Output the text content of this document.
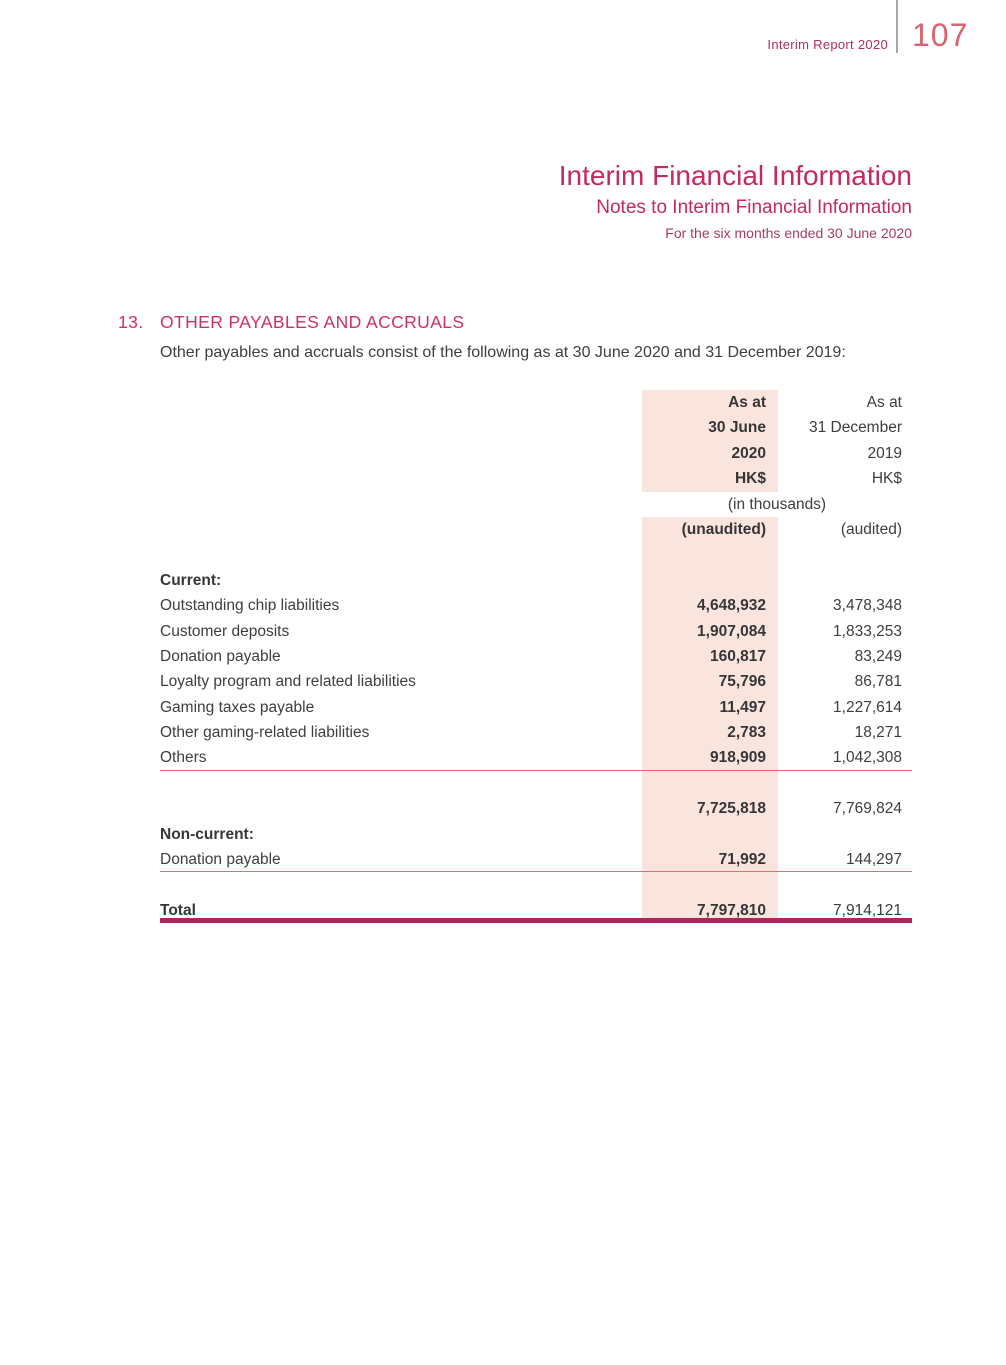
Interim Report 2020 107
Interim Financial Information
Notes to Interim Financial Information
For the six months ended 30 June 2020
13. OTHER PAYABLES AND ACCRUALS
Other payables and accruals consist of the following as at 30 June 2020 and 31 December 2019:
As at	As at
30 June	31 December
2020	2019
HK$	HK$
(in thousands)
(unaudited)	(audited)
Current:
Outstanding chip liabilities	4,648,932	3,478,348
Customer deposits	1,907,084	1,833,253
Donation payable	160,817	83,249
Loyalty program and related liabilities	75,796	86,781
Gaming taxes payable	11,497	1,227,614
Other gaming-related liabilities	2,783	18,271
Others	918,909	1,042,308
7,725,818	7,769,824
Non-current:
Donation payable	71,992	144,297
Total	7,797,810	7,914,121
